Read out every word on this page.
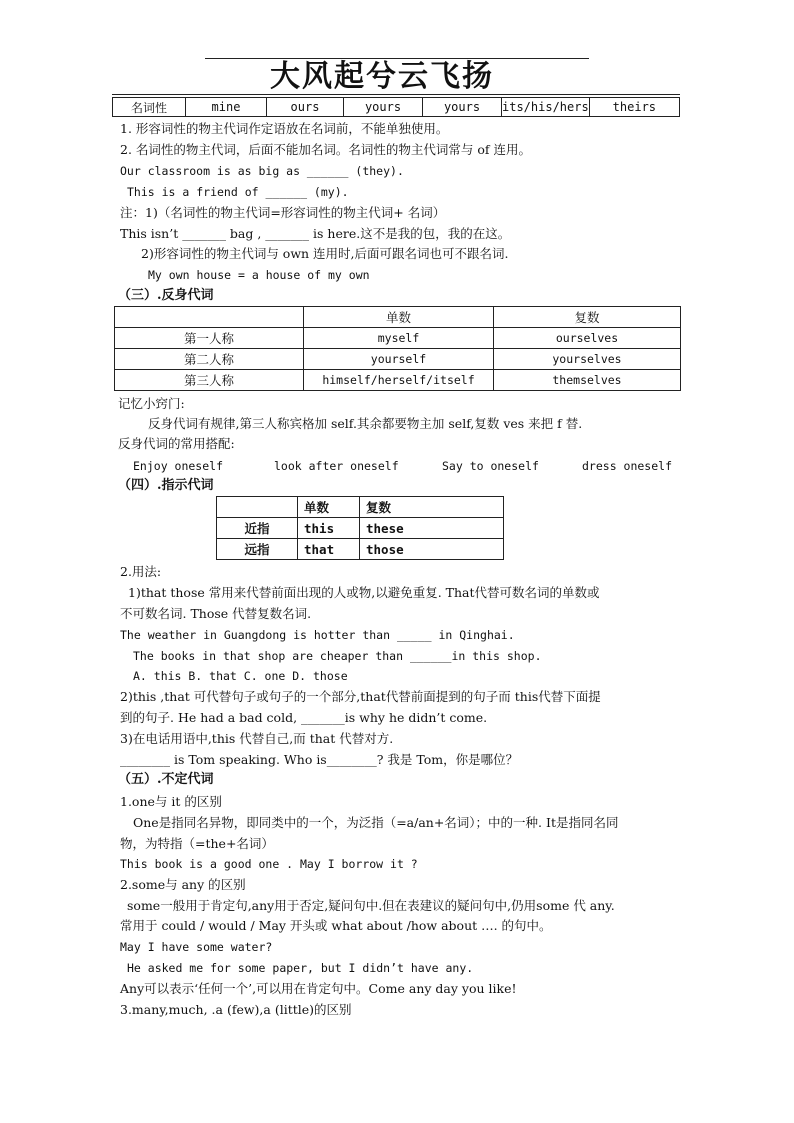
大风起兮云飞扬
名词性	mine	ours	yours	yours	its/his/hers	theirs
1. 形容词性的物主代词作定语放在名词前，不能单独使用。
2. 名词性的物主代词，后面不能加名词。名词性的物主代词常与 of 连用。
Our classroom is as big as ______ (they).
This is a friend of ______ (my).
注：1)（名词性的物主代词=形容词性的物主代词+ 名词）
This isn’t _______ bag , _______ is here.这不是我的包，我的在这。
2)形容词性的物主代词与 own 连用时,后面可跟名词也可不跟名词.
My own house = a house of my own
（三）.反身代词
	单数	复数
第一人称	myself	ourselves
第二人称	yourself	yourselves
第三人称	himself/herself/itself	themselves
记忆小窍门:
反身代词有规律,第三人称宾格加 self.其余都要物主加 self,复数 ves 来把 f 替.
反身代词的常用搭配:
Enjoy oneself	look after oneself	Say to oneself	dress oneself
（四）.指示代词
	单数	复数
近指	this	these
远指	that	those
2.用法:
1)that those 常用来代替前面出现的人或物,以避免重复. That代替可数名词的单数或
不可数名词. Those 代替复数名词.
The weather in Guangdong is hotter than _____ in Qinghai.
The books in that shop are cheaper than ______in this shop.
A. this B. that C. one D. those
2)this ,that 可代替句子或句子的一个部分,that代替前面提到的句子而 this代替下面提
到的句子. He had a bad cold, _______is why he didn’t come.
3)在电话用语中,this 代替自己,而 that 代替对方.
________ is Tom speaking. Who is________? 我是 Tom，你是哪位？
（五）.不定代词
1.one与 it 的区别
One是指同名异物，即同类中的一个，为泛指（=a/an+名词）；中的一种. It是指同名同
物，为特指（=the+名词）
This book is a good one . May I borrow it ?
2.some与 any 的区别
some一般用于肯定句,any用于否定,疑问句中.但在表建议的疑问句中,仍用some 代 any.
常用于 could / would / May 开头或 what about /how about …. 的句中。
May I have some water?
He asked me for some paper, but I didn’t have any.
Any可以表示‘任何一个’,可以用在肯定句中。Come any day you like!
3.many,much, .a (few),a (little)的区别
